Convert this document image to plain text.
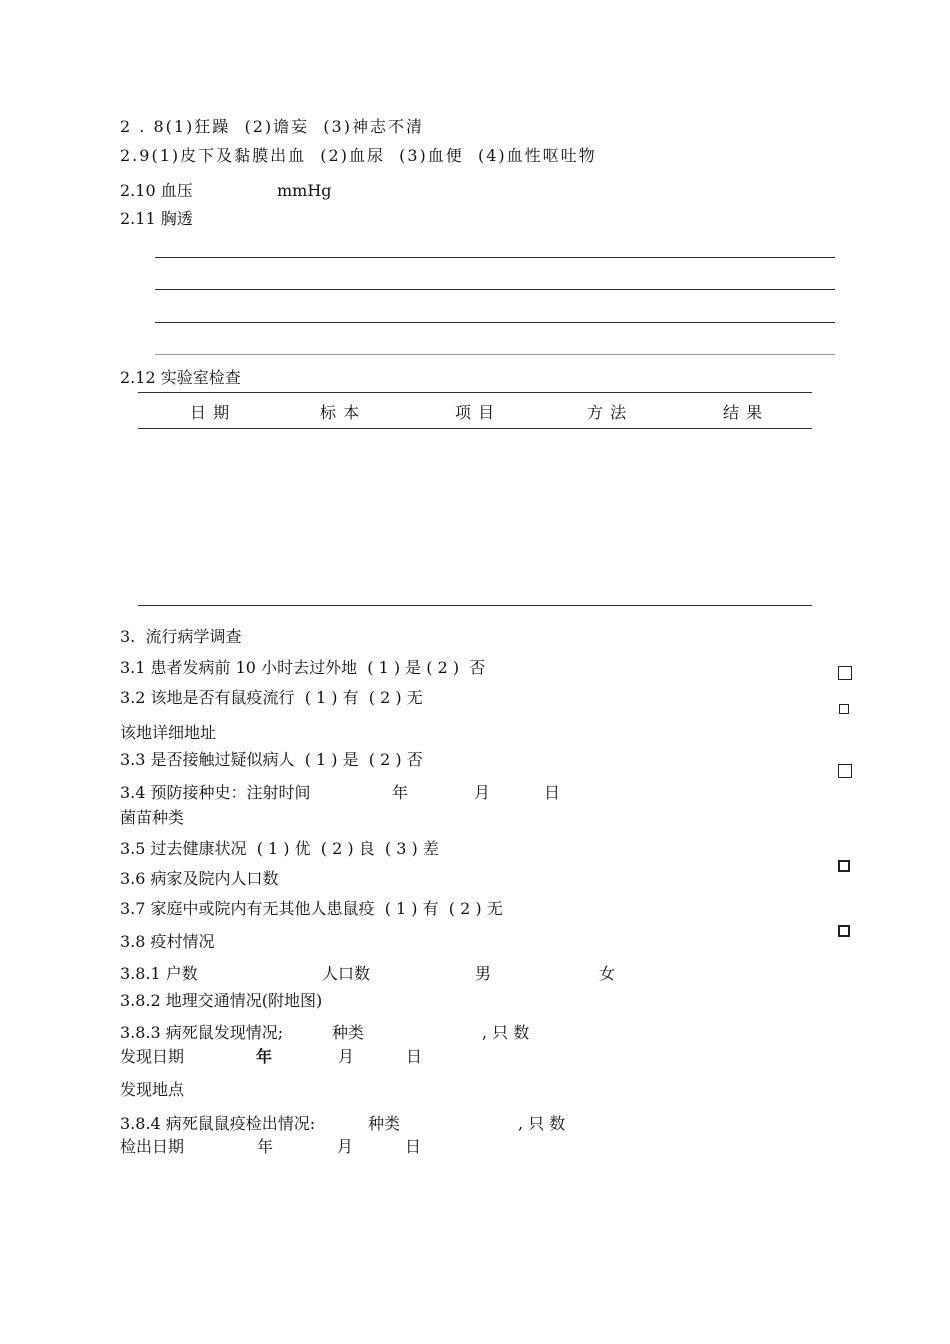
2 . 8(1)狂躁  (2)谵妄  (3)神志不清
2.9(1)皮下及黏膜出血  (2)血尿  (3)血便  (4)血性呕吐物
2.10 血压	mmHg
2.11 胸透
2.12 实验室检查
日 期	标 本	项 目	方 法	结 果
3.  流行病学调查
3.1 患者发病前 10 小时去过外地  ( 1 ) 是 ( 2 )  否
3.2 该地是否有鼠疫流行  ( 1 ) 有  ( 2 ) 无
该地详细地址
3.3 是否接触过疑似病人  ( 1 ) 是  ( 2 ) 否
3.4 预防接种史：注射时间	年	月	日
菌苗种类
3.5 过去健康状况  ( 1 ) 优  ( 2 ) 良  ( 3 ) 差
3.6 病家及院内人口数
3.7 家庭中或院内有无其他人患鼠疫  ( 1 ) 有  ( 2 ) 无
3.8 疫村情况
3.8.1 户数	人口数	男	女
3.8.2 地理交通情况(附地图)
3.8.3 病死鼠发现情况;	种类	, 只 数
发现日期	年	月	日
发现地点
3.8.4 病死鼠鼠疫检出情况:	种类	, 只 数
检出日期	年	月	日
